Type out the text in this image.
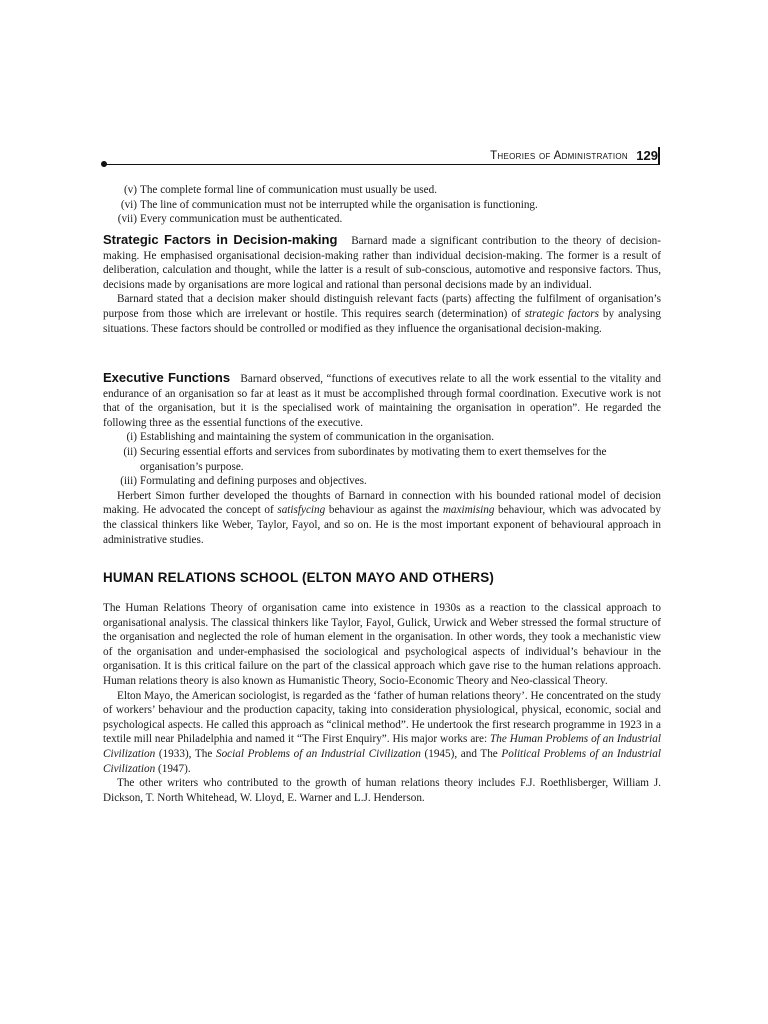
Theories of Administration 129
(v) The complete formal line of communication must usually be used.
(vi) The line of communication must not be interrupted while the organisation is functioning.
(vii) Every communication must be authenticated.

Strategic Factors in Decision-making Barnard made a significant contribution to the theory of decision-making. He emphasised organisational decision-making rather than individual decision-making. The former is a result of deliberation, calculation and thought, while the latter is a result of sub-conscious, automotive and responsive factors. Thus, decisions made by organisations are more logical and rational than personal decisions made by an individual.

Barnard stated that a decision maker should distinguish relevant facts (parts) affecting the fulfilment of organisation’s purpose from those which are irrelevant or hostile. This requires search (determination) of strategic factors by analysing situations. These factors should be controlled or modified as they influence the organisational decision-making.

Executive Functions Barnard observed, “functions of executives relate to all the work essential to the vitality and endurance of an organisation so far at least as it must be accomplished through formal coordination. Executive work is not that of the organisation, but it is the specialised work of maintaining the organisation in operation”. He regarded the following three as the essential functions of the executive.

(i) Establishing and maintaining the system of communication in the organisation.
(ii) Securing essential efforts and services from subordinates by motivating them to exert themselves for the organisation’s purpose.
(iii) Formulating and defining purposes and objectives.

Herbert Simon further developed the thoughts of Barnard in connection with his bounded rational model of decision making. He advocated the concept of satisfycing behaviour as against the maximising behaviour, which was advocated by the classical thinkers like Weber, Taylor, Fayol, and so on. He is the most important exponent of behavioural approach in administrative studies.

HUMAN RELATIONS SCHOOL (ELTON MAYO AND OTHERS)

The Human Relations Theory of organisation came into existence in 1930s as a reaction to the classical approach to organisational analysis. The classical thinkers like Taylor, Fayol, Gulick, Urwick and Weber stressed the formal structure of the organisation and neglected the role of human element in the organisation. In other words, they took a mechanistic view of the organisation and under-emphasised the sociological and psychological aspects of individual’s behaviour in the organisation. It is this critical failure on the part of the classical approach which gave rise to the human relations approach. Human relations theory is also known as Humanistic Theory, Socio-Economic Theory and Neo-classical Theory.

Elton Mayo, the American sociologist, is regarded as the ‘father of human relations theory’. He concentrated on the study of workers’ behaviour and the production capacity, taking into consideration physiological, physical, economic, social and psychological aspects. He called this approach as “clinical method”. He undertook the first research programme in 1923 in a textile mill near Philadelphia and named it “The First Enquiry”. His major works are: The Human Problems of an Industrial Civilization (1933), The Social Problems of an Industrial Civilization (1945), and The Political Problems of an Industrial Civilization (1947).

The other writers who contributed to the growth of human relations theory includes F.J. Roethlisberger, William J. Dickson, T. North Whitehead, W. Lloyd, E. Warner and L.J. Henderson.
